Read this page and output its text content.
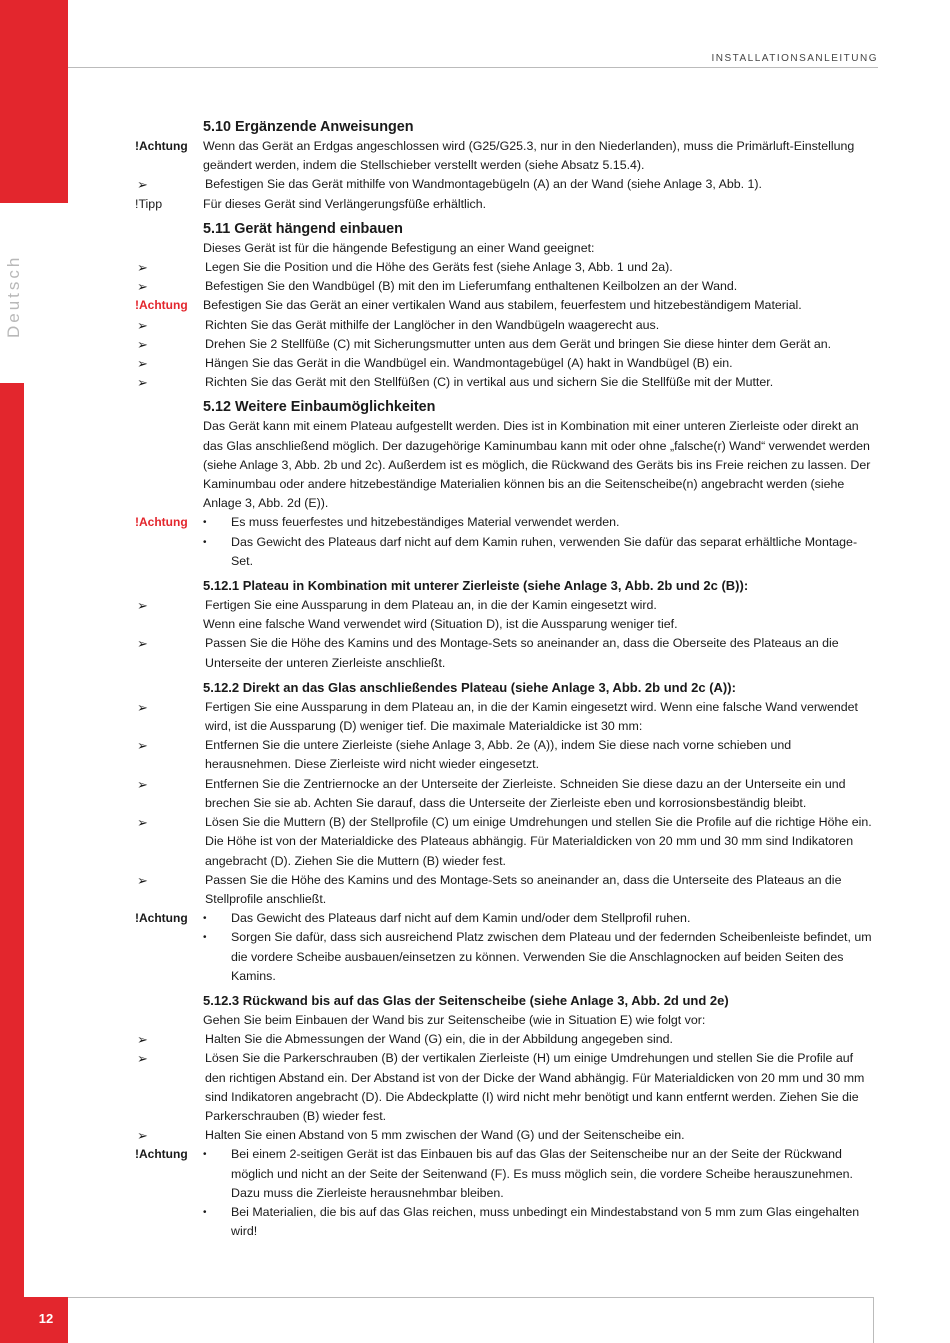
12
Deutsch
INSTALLATIONSANLEITUNG
5.10 Ergänzende Anweisungen
!Achtung	Wenn das Gerät an Erdgas angeschlossen wird (G25/G25.3, nur in den Niederlanden), muss die Primärluft-Einstellung geändert werden, indem die Stellschieber verstellt werden (siehe Absatz 5.15.4).
➢	Befestigen Sie das Gerät mithilfe von Wandmontagebügeln (A) an der Wand (siehe Anlage 3, Abb. 1).
!Tipp	Für dieses Gerät sind Verlängerungsfüße erhältlich.
5.11 Gerät hängend einbauen
Dieses Gerät ist für die hängende Befestigung an einer Wand geeignet:
➢	Legen Sie die Position und die Höhe des Geräts fest (siehe Anlage 3, Abb. 1 und 2a).
➢	Befestigen Sie den Wandbügel (B) mit den im Lieferumfang enthaltenen Keilbolzen an der Wand.
!Achtung	Befestigen Sie das Gerät an einer vertikalen Wand aus stabilem, feuerfestem und hitzebeständigem Material.
➢	Richten Sie das Gerät mithilfe der Langlöcher in den Wandbügeln waagerecht aus.
➢	Drehen Sie 2 Stellfüße (C) mit Sicherungsmutter unten aus dem Gerät und bringen Sie diese hinter dem Gerät an.
➢	Hängen Sie das Gerät in die Wandbügel ein. Wandmontagebügel (A) hakt in Wandbügel (B) ein.
➢	Richten Sie das Gerät mit den Stellfüßen (C) in vertikal aus und sichern Sie die Stellfüße mit der Mutter.
5.12 Weitere Einbaumöglichkeiten
Das Gerät kann mit einem Plateau aufgestellt werden. Dies ist in Kombination mit einer unteren Zierleiste oder direkt an das Glas anschließend möglich. Der dazugehörige Kaminumbau kann mit oder ohne „falsche(r) Wand“ verwendet werden (siehe Anlage 3, Abb. 2b und 2c). Außerdem ist es möglich, die Rückwand des Geräts bis ins Freie reichen zu lassen. Der Kaminumbau oder andere hitzebeständige Materialien können bis an die Seitenscheibe(n) angebracht werden (siehe Anlage 3, Abb. 2d (E)).
!Achtung	•	Es muss feuerfestes und hitzebeständiges Material verwendet werden.
•	Das Gewicht des Plateaus darf nicht auf dem Kamin ruhen, verwenden Sie dafür das separat erhältliche Montage-Set.
5.12.1 Plateau in Kombination mit unterer Zierleiste (siehe Anlage 3, Abb. 2b und 2c (B)):
➢	Fertigen Sie eine Aussparung in dem Plateau an, in die der Kamin eingesetzt wird.
Wenn eine falsche Wand verwendet wird (Situation D), ist die Aussparung weniger tief.
➢	Passen Sie die Höhe des Kamins und des Montage-Sets so aneinander an, dass die Oberseite des Plateaus an die Unterseite der unteren Zierleiste anschließt.
5.12.2 Direkt an das Glas anschließendes Plateau (siehe Anlage 3, Abb. 2b und 2c (A)):
➢	Fertigen Sie eine Aussparung in dem Plateau an, in die der Kamin eingesetzt wird. Wenn eine falsche Wand verwendet wird, ist die Aussparung (D) weniger tief. Die maximale Materialdicke ist 30 mm:
➢	Entfernen Sie die untere Zierleiste (siehe Anlage 3, Abb. 2e (A)), indem Sie diese nach vorne schieben und herausnehmen. Diese Zierleiste wird nicht wieder eingesetzt.
➢	Entfernen Sie die Zentriernocke an der Unterseite der Zierleiste. Schneiden Sie diese dazu an der Unterseite ein und brechen Sie sie ab. Achten Sie darauf, dass die Unterseite der Zierleiste eben und korrosionsbeständig bleibt.
➢	Lösen Sie die Muttern (B) der Stellprofile (C) um einige Umdrehungen und stellen Sie die Profile auf die richtige Höhe ein. Die Höhe ist von der Materialdicke des Plateaus abhängig. Für Materialdicken von 20 mm und 30 mm sind Indikatoren angebracht (D). Ziehen Sie die Muttern (B) wieder fest.
➢	Passen Sie die Höhe des Kamins und des Montage-Sets so aneinander an, dass die Unterseite des Plateaus an die Stellprofile anschließt.
!Achtung	•	Das Gewicht des Plateaus darf nicht auf dem Kamin und/oder dem Stellprofil ruhen.
•	Sorgen Sie dafür, dass sich ausreichend Platz zwischen dem Plateau und der federnden Scheibenleiste befindet, um die vordere Scheibe ausbauen/einsetzen zu können. Verwenden Sie die Anschlagnocken auf beiden Seiten des Kamins.
5.12.3 Rückwand bis auf das Glas der Seitenscheibe (siehe Anlage 3, Abb. 2d und 2e)
Gehen Sie beim Einbauen der Wand bis zur Seitenscheibe (wie in Situation E) wie folgt vor:
➢	Halten Sie die Abmessungen der Wand (G) ein, die in der Abbildung angegeben sind.
➢	Lösen Sie die Parkerschrauben (B) der vertikalen Zierleiste (H) um einige Umdrehungen und stellen Sie die Profile auf den richtigen Abstand ein. Der Abstand ist von der Dicke der Wand abhängig. Für Materialdicken von 20 mm und 30 mm sind Indikatoren angebracht (D). Die Abdeckplatte (I) wird nicht mehr benötigt und kann entfernt werden. Ziehen Sie die Parkerschrauben (B) wieder fest.
➢	Halten Sie einen Abstand von 5 mm zwischen der Wand (G) und der Seitenscheibe ein.
!Achtung	•	Bei einem 2-seitigen Gerät ist das Einbauen bis auf das Glas der Seitenscheibe nur an der Seite der Rückwand möglich und nicht an der Seite der Seitenwand (F). Es muss möglich sein, die vordere Scheibe herauszunehmen. Dazu muss die Zierleiste herausnehmbar bleiben.
•	Bei Materialien, die bis auf das Glas reichen, muss unbedingt ein Mindestabstand von 5 mm zum Glas eingehalten wird!
